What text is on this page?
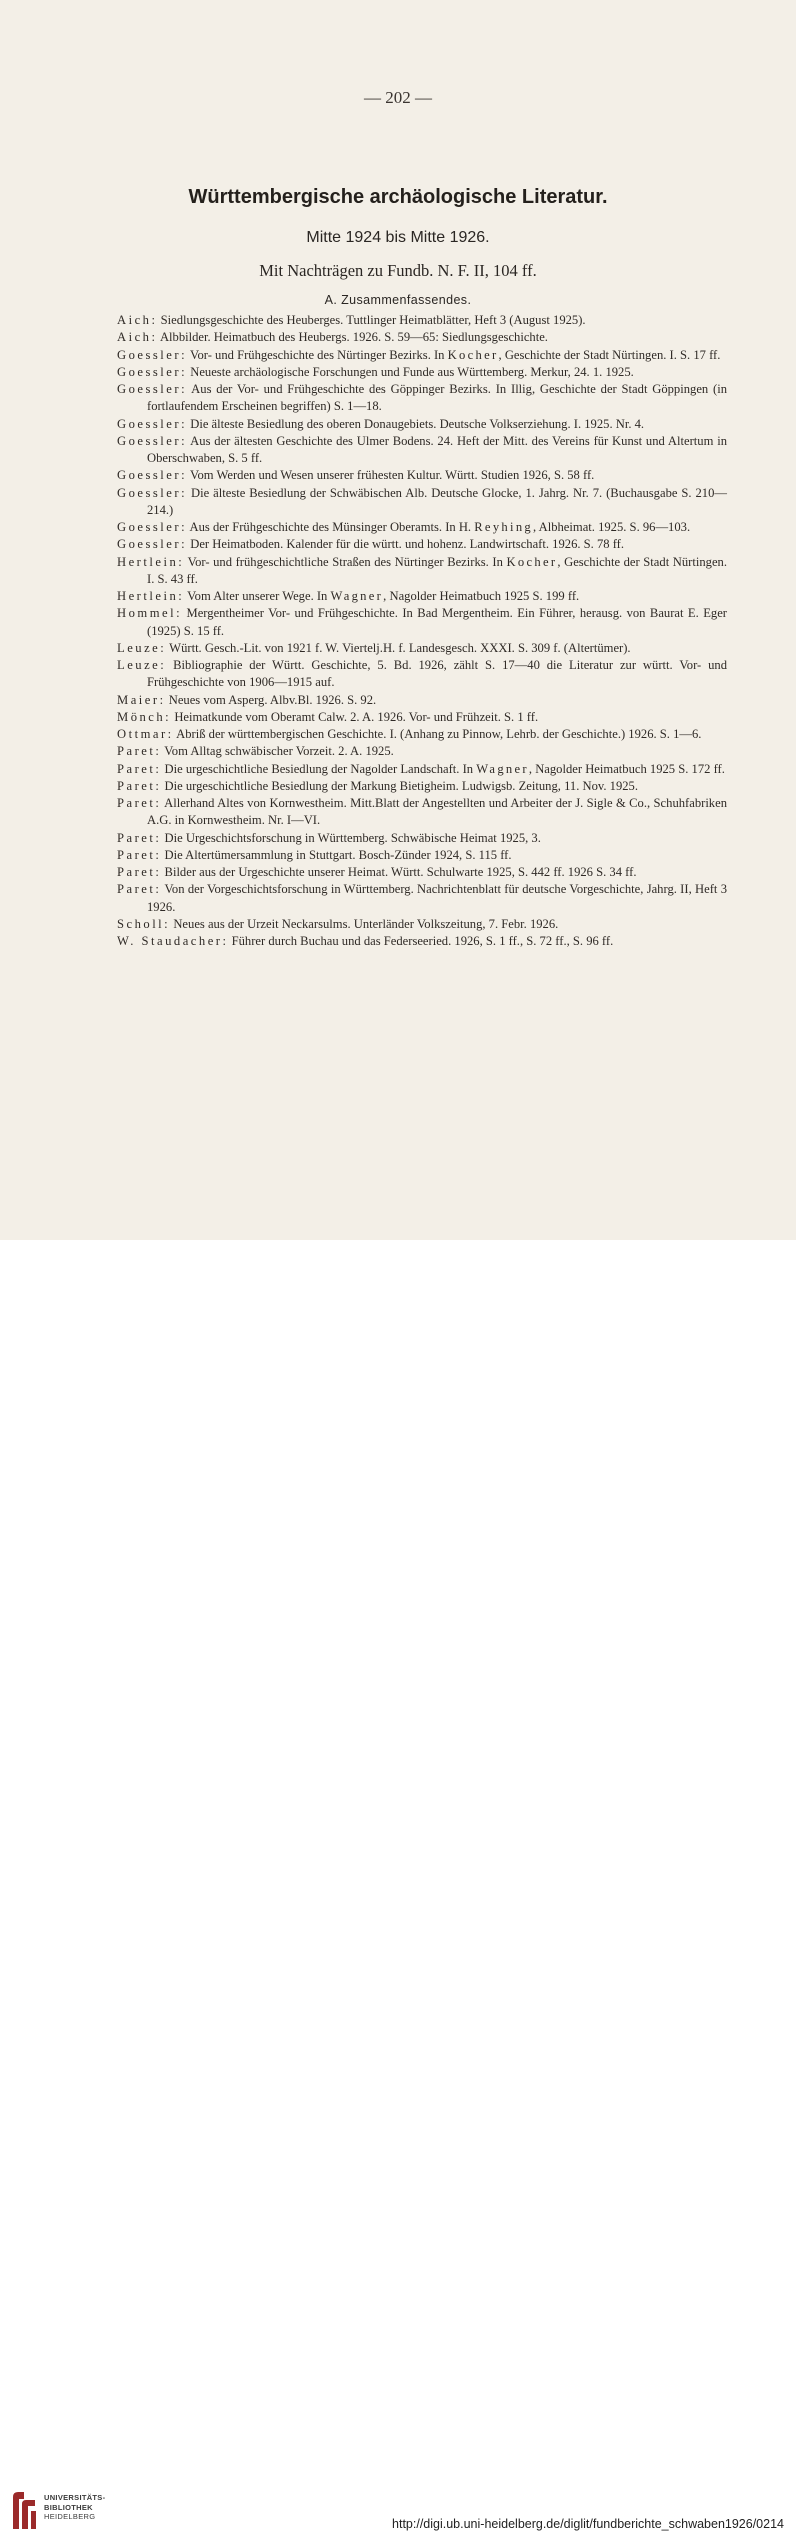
— 202 —
Württembergische archäologische Literatur.
Mitte 1924 bis Mitte 1926.
Mit Nachträgen zu Fundb. N. F. II, 104 ff.
A. Zusammenfassendes.
Aich: Siedlungsgeschichte des Heuberges. Tuttlinger Heimatblätter, Heft 3 (August 1925).
Aich: Albbilder. Heimatbuch des Heubergs. 1926. S. 59—65: Siedlungsgeschichte.
Goessler: Vor- und Frühgeschichte des Nürtinger Bezirks. In Kocher, Geschichte der Stadt Nürtingen. I. S. 17 ff.
Goessler: Neueste archäologische Forschungen und Funde aus Württemberg. Merkur, 24. 1. 1925.
Goessler: Aus der Vor- und Frühgeschichte des Göppinger Bezirks. In Illig, Geschichte der Stadt Göppingen (in fortlaufendem Erscheinen begriffen) S. 1—18.
Goessler: Die älteste Besiedlung des oberen Donaugebiets. Deutsche Volkserziehung. I. 1925. Nr. 4.
Goessler: Aus der ältesten Geschichte des Ulmer Bodens. 24. Heft der Mitt. des Vereins für Kunst und Altertum in Oberschwaben, S. 5 ff.
Goessler: Vom Werden und Wesen unserer frühesten Kultur. Württ. Studien 1926, S. 58 ff.
Goessler: Die älteste Besiedlung der Schwäbischen Alb. Deutsche Glocke, 1. Jahrg. Nr. 7. (Buchausgabe S. 210—214.)
Goessler: Aus der Frühgeschichte des Münsinger Oberamts. In H. Reyhing, Albheimat. 1925. S. 96—103.
Goessler: Der Heimatboden. Kalender für die württ. und hohenz. Landwirtschaft. 1926. S. 78 ff.
Hertlein: Vor- und frühgeschichtliche Straßen des Nürtinger Bezirks. In Kocher, Geschichte der Stadt Nürtingen. I. S. 43 ff.
Hertlein: Vom Alter unserer Wege. In Wagner, Nagolder Heimatbuch 1925 S. 199 ff.
Hommel: Mergentheimer Vor- und Frühgeschichte. In Bad Mergentheim. Ein Führer, herausg. von Baurat E. Eger (1925) S. 15 ff.
Leuze: Württ. Gesch.-Lit. von 1921 f. W. Viertelj.H. f. Landesgesch. XXXI. S. 309 f. (Altertümer).
Leuze: Bibliographie der Württ. Geschichte, 5. Bd. 1926, zählt S. 17—40 die Literatur zur württ. Vor- und Frühgeschichte von 1906—1915 auf.
Maier: Neues vom Asperg. Albv.Bl. 1926. S. 92.
Mönch: Heimatkunde vom Oberamt Calw. 2. A. 1926. Vor- und Frühzeit. S. 1 ff.
Ottmar: Abriß der württembergischen Geschichte. I. (Anhang zu Pinnow, Lehrb. der Geschichte.) 1926. S. 1—6.
Paret: Vom Alltag schwäbischer Vorzeit. 2. A. 1925.
Paret: Die urgeschichtliche Besiedlung der Nagolder Landschaft. In Wagner, Nagolder Heimatbuch 1925 S. 172 ff.
Paret: Die urgeschichtliche Besiedlung der Markung Bietigheim. Ludwigsb. Zeitung, 11. Nov. 1925.
Paret: Allerhand Altes von Kornwestheim. Mitt.Blatt der Angestellten und Arbeiter der J. Sigle & Co., Schuhfabriken A.G. in Kornwestheim. Nr. I—VI.
Paret: Die Urgeschichtsforschung in Württemberg. Schwäbische Heimat 1925, 3.
Paret: Die Altertümersammlung in Stuttgart. Bosch-Zünder 1924, S. 115 ff.
Paret: Bilder aus der Urgeschichte unserer Heimat. Württ. Schulwarte 1925, S. 442 ff. 1926 S. 34 ff.
Paret: Von der Vorgeschichtsforschung in Württemberg. Nachrichtenblatt für deutsche Vorgeschichte, Jahrg. II, Heft 3 1926.
Scholl: Neues aus der Urzeit Neckarsulms. Unterländer Volkszeitung, 7. Febr. 1926.
W. Staudacher: Führer durch Buchau und das Federseeried. 1926, S. 1 ff., S. 72 ff., S. 96 ff.
UNIVERSITÄTS-
BIBLIOTHEK
HEIDELBERG
http://digi.ub.uni-heidelberg.de/diglit/fundberichte_schwaben1926/0214
